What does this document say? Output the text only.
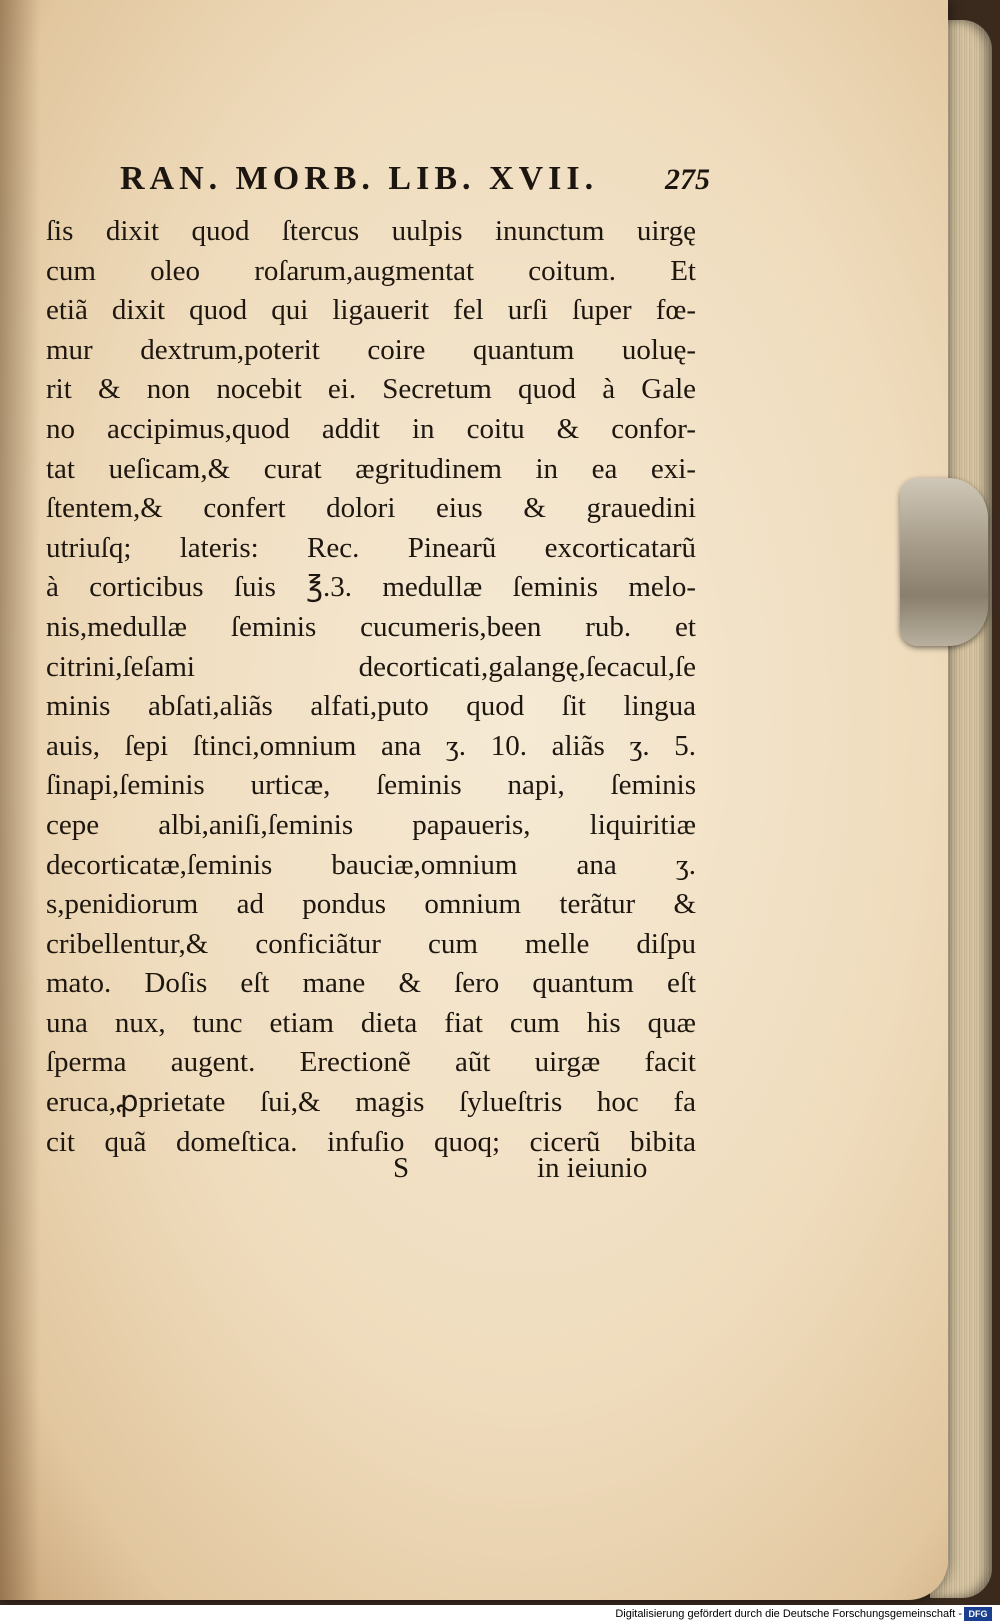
RAN. MORB. LIB. XVII. 275
ſis dixit quod ſtercus uulpis inunctum uirgę
cum oleo roſarum,augmentat coitum. Et
etiã dixit quod qui ligauerit fel urſi ſuper fœ-
mur dextrum,poterit coire quantum uoluę-
rit & non nocebit ei. Secretum quod à Gale
no accipimus,quod addit in coitu & confor-
tat ueſicam,& curat ægritudinem in ea exi-
ſtentem,& confert dolori eius & grauedini
utriuſq; lateris: Rec. Pinearũ excorticatarũ
à corticibus ſuis ℥.3. medullæ ſeminis melo-
nis,medullæ ſeminis cucumeris,been rub. et
citrini,ſeſami decorticati,galangę,ſecacul,ſe
minis abſati,aliãs alfati,puto quod ſit lingua
auis, ſepi ſtinci,omnium ana ʒ. 10. aliãs ʒ. 5.
ſinapi,ſeminis urticæ, ſeminis napi, ſeminis
cepe albi,aniſi,ſeminis papaueris, liquiritiæ
decorticatæ,ſeminis bauciæ,omnium ana ʒ.
s,penidiorum ad pondus omnium terãtur &
cribellentur,& conficiãtur cum melle diſpu
mato. Doſis eſt mane & ſero quantum eſt
una nux, tunc etiam dieta fiat cum his quæ
ſperma augent. Erectionẽ aũt uirgæ facit
eruca,ꝓprietate ſui,& magis ſylueſtris hoc fa
cit quã domeſtica. infuſio quoq; cicerũ bibita
S	in ieiunio
Digitalisierung gefördert durch die Deutsche Forschungsgemeinschaft - DFG
